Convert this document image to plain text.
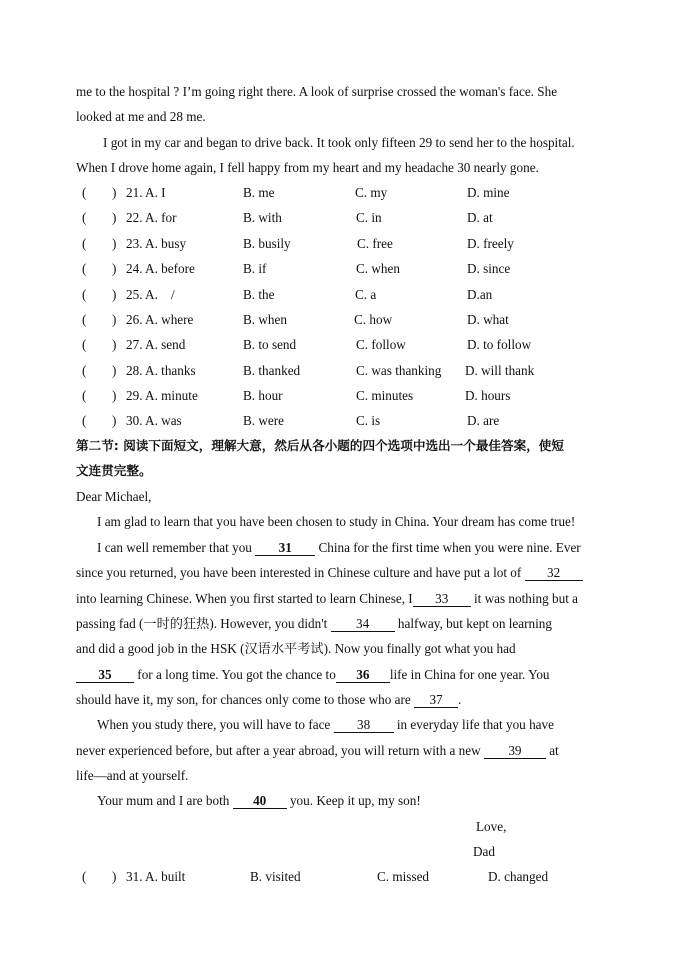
me to the hospital ? I’m going right there. A look of surprise crossed the woman's face. She
looked at me and 28 me.
I got in my car and began to drive back. It took only fifteen 29 to send her to the hospital.
When I drove home again, I fell happy from my heart and my headache 30 nearly gone.
( ) 21. A. I	B. me	C. my	D. mine
( ) 22. A. for	B. with	C. in	D. at
( ) 23. A. busy	B. busily	C. free	D. freely
( ) 24. A. before	B. if	C. when	D. since
( ) 25. A.    /	B. the	C. a	D.an
( ) 26. A. where	B. when	C. how	D. what
( ) 27. A. send	B. to send	C. follow	D. to follow
( ) 28. A. thanks	B. thanked	C. was thanking D. will thank
( ) 29. A. minute	B. hour	C. minutes	D. hours
( ) 30. A. was	B. were	C. is	D. are
第二节: 阅读下面短文，理解大意，然后从各小题的四个选项中选出一个最佳答案，使短
文连贯完整。
Dear Michael,
I am glad to learn that you have been chosen to study in China. Your dream has come true!
I can well remember that you 31 China for the first time when you were nine. Ever
since you returned, you have been interested in Chinese culture and have put a lot of 32
into learning Chinese. When you first started to learn Chinese, I 33 it was nothing but a
passing fad (一时的狂热). However, you didn't 34 halfway, but kept on learning
and did a good job in the HSK (汉语水平考试). Now you finally got what you had
35 for a long time. You got the chance to 36 life in China for one year. You
should have it, my son, for chances only come to those who are 37 .
When you study there, you will have to face 38 in everyday life that you have
never experienced before, but after a year abroad, you will return with a new 39 at
life—and at yourself.
Your mum and I are both 40 you. Keep it up, my son!
Love,
Dad
( ) 31. A. built	B. visited	C. missed	D. changed
